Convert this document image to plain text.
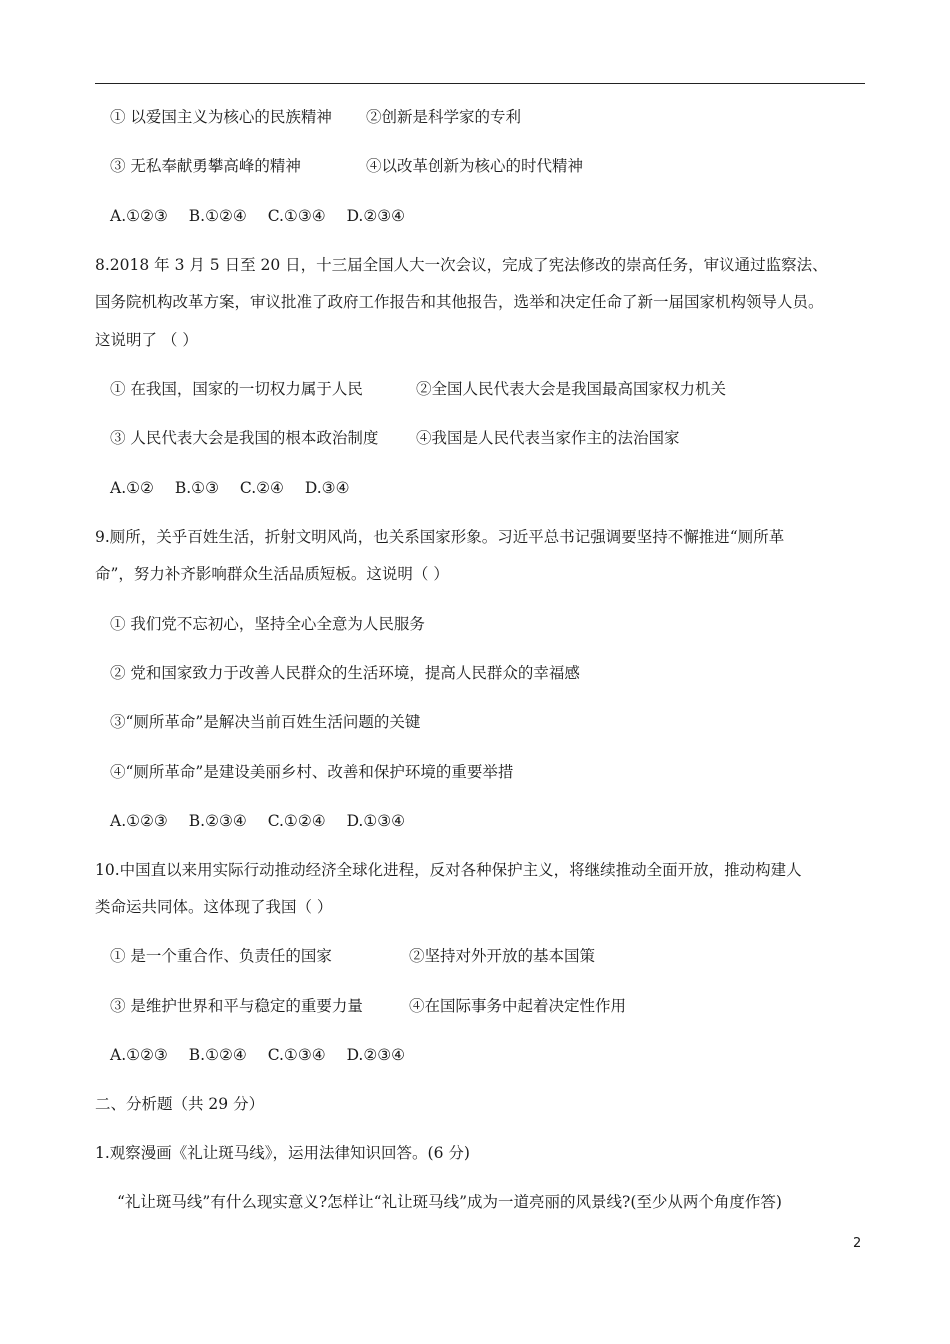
① 以爱国主义为核心的民族精神 ②创新是科学家的专利
③ 无私奉献勇攀高峰的精神	④以改革创新为核心的时代精神
A.①②③ B.①②④ C.①③④ D.②③④
8.2018 年 3 月 5 日至 20 日，十三届全国人大一次会议，完成了宪法修改的崇高任务，审议通过监察法、
国务院机构改革方案，审议批准了政府工作报告和其他报告，选举和决定任命了新一届国家机构领导人员。
这说明了 （ ）
① 在我国，国家的一切权力属于人民	②全国人民代表大会是我国最高国家权力机关
③ 人民代表大会是我国的根本政治制度 ④我国是人民代表当家作主的法治国家
A.①② B.①③ C.②④ D.③④
9.厕所，关乎百姓生活，折射文明风尚，也关系国家形象。习近平总书记强调要坚持不懈推进“厕所革
命”，努力补齐影响群众生活品质短板。这说明（ ）
① 我们党不忘初心，坚持全心全意为人民服务
② 党和国家致力于改善人民群众的生活环境，提高人民群众的幸福感
③“厕所革命”是解决当前百姓生活问题的关键
④“厕所革命”是建设美丽乡村、改善和保护环境的重要举措
A.①②③ B.②③④ C.①②④ D.①③④
10.中国直以来用实际行动推动经济全球化进程，反对各种保护主义，将继续推动全面开放，推动构建人
类命运共同体。这体现了我国（ ）
① 是一个重合作、负责任的国家	②坚持对外开放的基本国策
③ 是维护世界和平与稳定的重要力量	④在国际事务中起着决定性作用
A.①②③ B.①②④ C.①③④ D.②③④
二、分析题（共 29 分）
1.观察漫画《礼让斑马线》，运用法律知识回答。(6 分)
“礼让斑马线”有什么现实意义?怎样让“礼让斑马线”成为一道亮丽的风景线?(至少从两个角度作答)
2
